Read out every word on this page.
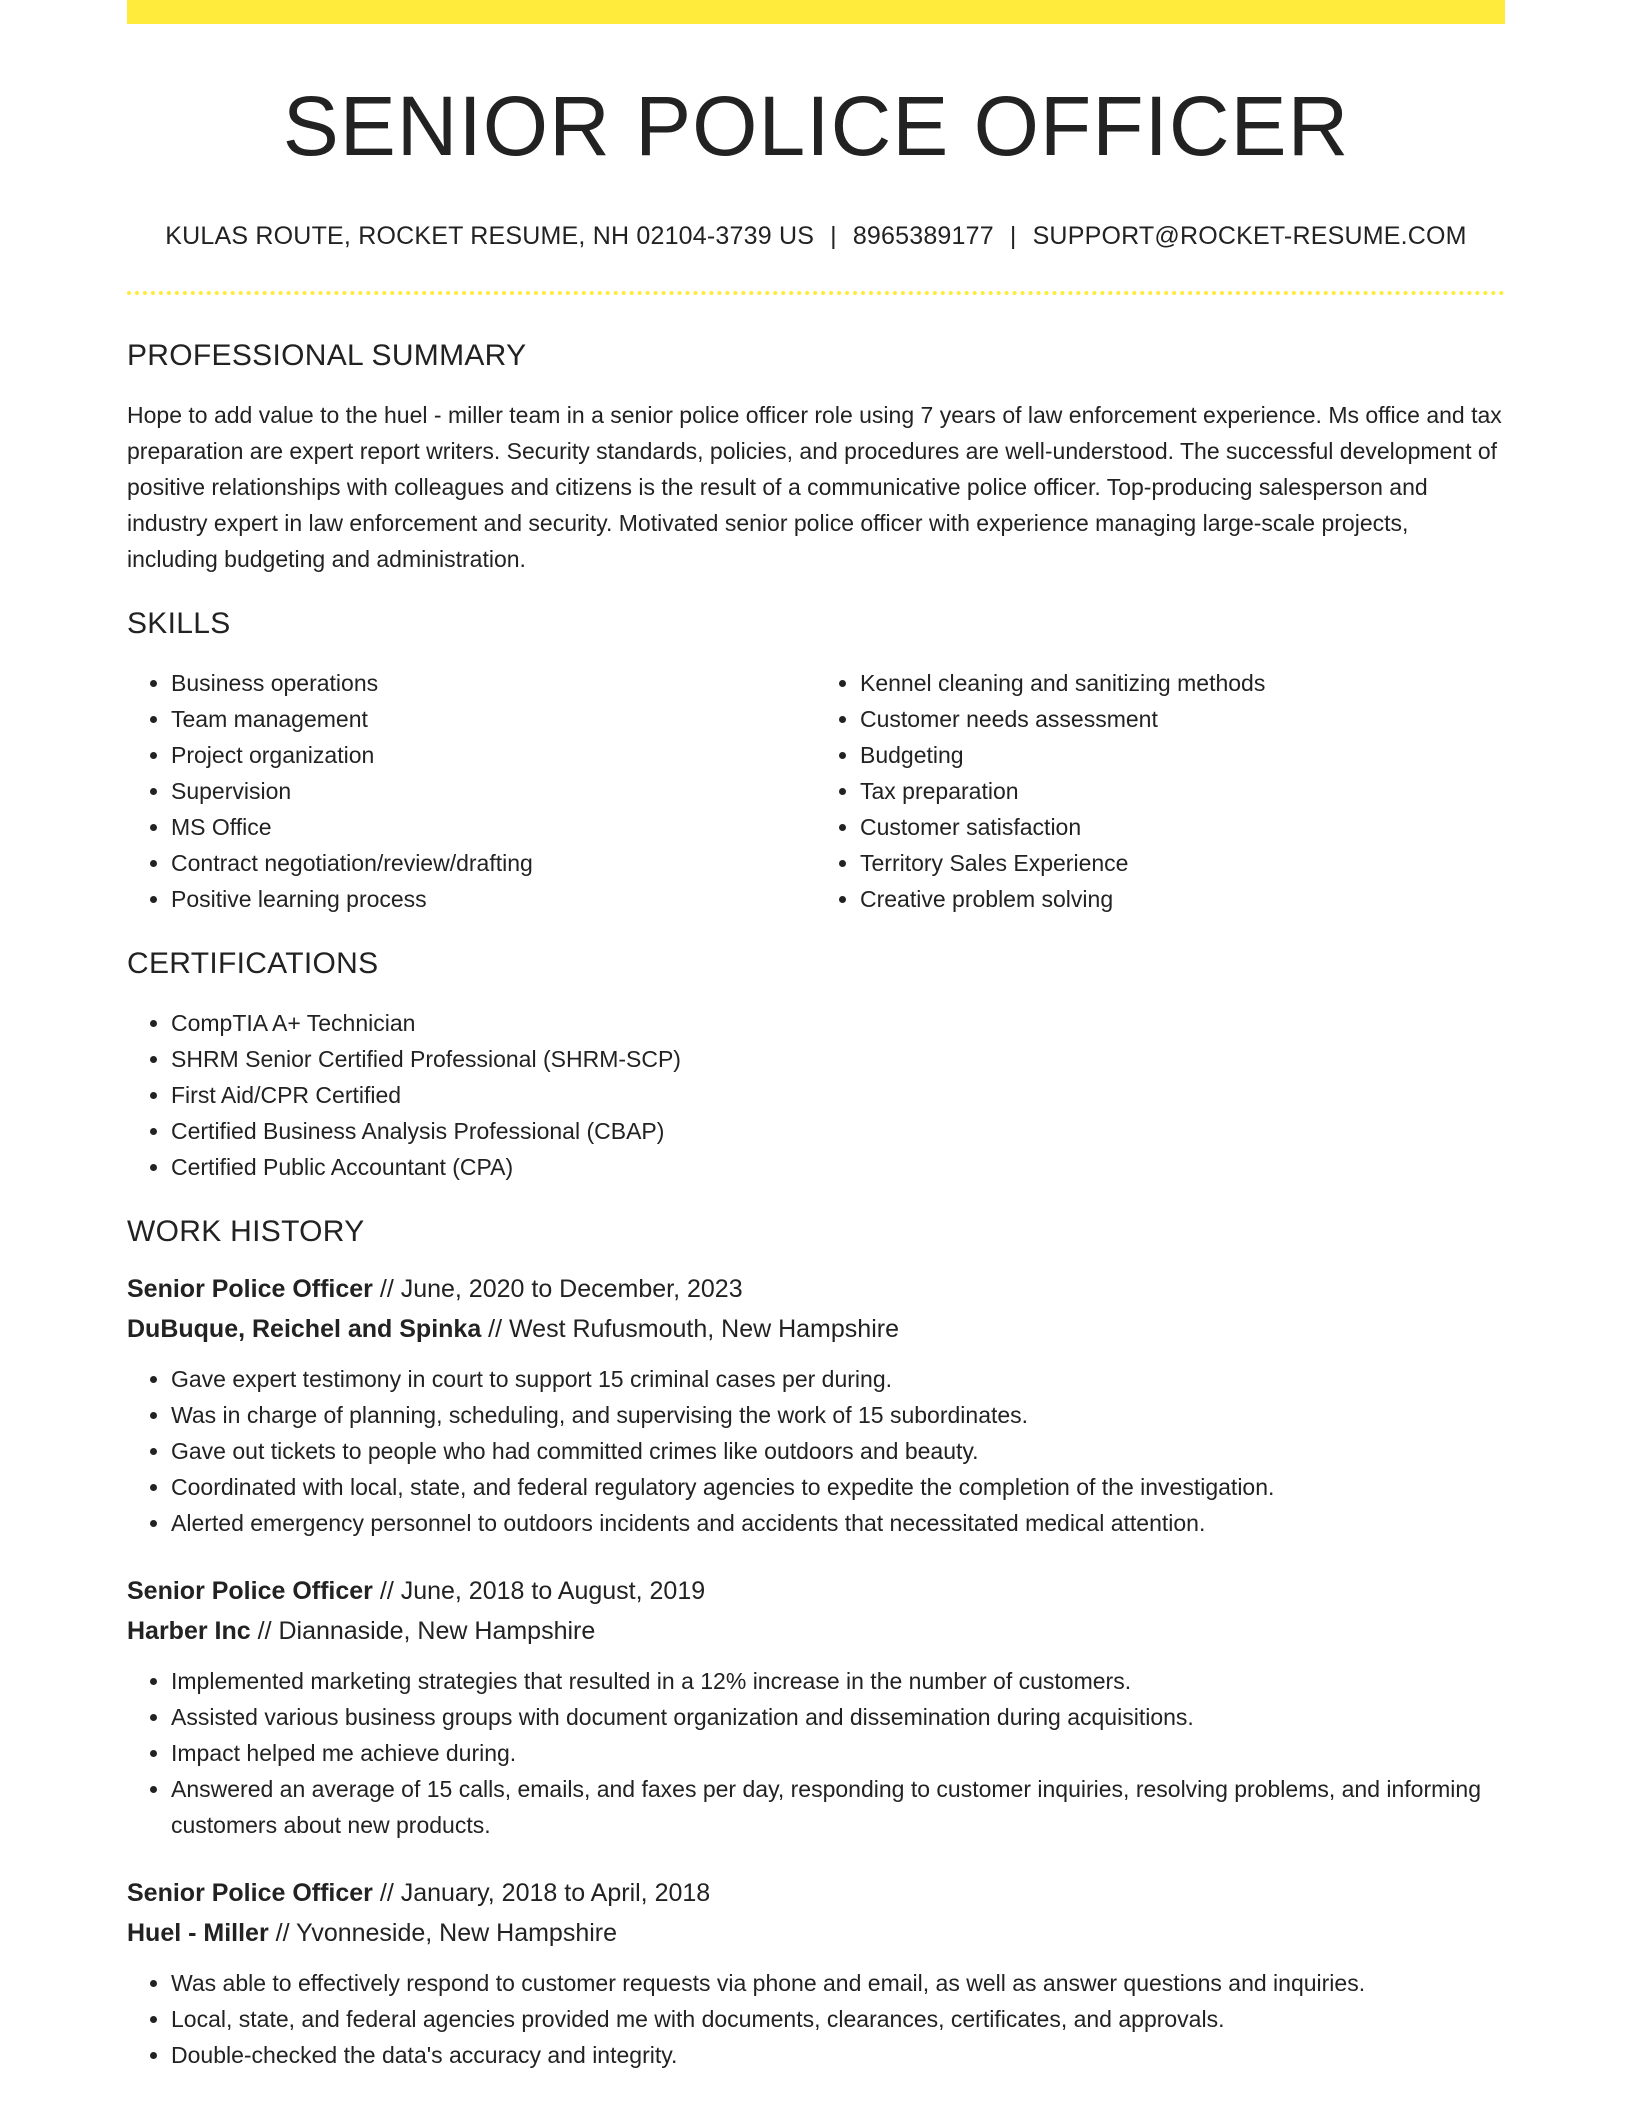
SENIOR POLICE OFFICER
KULAS ROUTE, ROCKET RESUME, NH 02104-3739 US | 8965389177 | SUPPORT@ROCKET-RESUME.COM
PROFESSIONAL SUMMARY

Hope to add value to the huel - miller team in a senior police officer role using 7 years of law enforcement experience. Ms office and tax preparation are expert report writers. Security standards, policies, and procedures are well-understood. The successful development of positive relationships with colleagues and citizens is the result of a communicative police officer. Top-producing salesperson and industry expert in law enforcement and security. Motivated senior police officer with experience managing large-scale projects, including budgeting and administration.

SKILLS
• Business operations
• Team management
• Project organization
• Supervision
• MS Office
• Contract negotiation/review/drafting
• Positive learning process
• Kennel cleaning and sanitizing methods
• Customer needs assessment
• Budgeting
• Tax preparation
• Customer satisfaction
• Territory Sales Experience
• Creative problem solving
CERTIFICATIONS
• CompTIA A+ Technician
• SHRM Senior Certified Professional (SHRM-SCP)
• First Aid/CPR Certified
• Certified Business Analysis Professional (CBAP)
• Certified Public Accountant (CPA)
WORK HISTORY

Senior Police Officer // June, 2020 to December, 2023

DuBuque, Reichel and Spinka // West Rufusmouth, New Hampshire

• Gave expert testimony in court to support 15 criminal cases per during.
• Was in charge of planning, scheduling, and supervising the work of 15 subordinates.
• Gave out tickets to people who had committed crimes like outdoors and beauty.
• Coordinated with local, state, and federal regulatory agencies to expedite the completion of the investigation.
• Alerted emergency personnel to outdoors incidents and accidents that necessitated medical attention.

Senior Police Officer // June, 2018 to August, 2019

Harber Inc // Diannaside, New Hampshire

• Implemented marketing strategies that resulted in a 12% increase in the number of customers.
• Assisted various business groups with document organization and dissemination during acquisitions.
• Impact helped me achieve during.
• Answered an average of 15 calls, emails, and faxes per day, responding to customer inquiries, resolving problems, and informing customers about new products.

Senior Police Officer // January, 2018 to April, 2018

Huel - Miller // Yvonneside, New Hampshire

• Was able to effectively respond to customer requests via phone and email, as well as answer questions and inquiries.
• Local, state, and federal agencies provided me with documents, clearances, certificates, and approvals.
• Double-checked the data's accuracy and integrity.
